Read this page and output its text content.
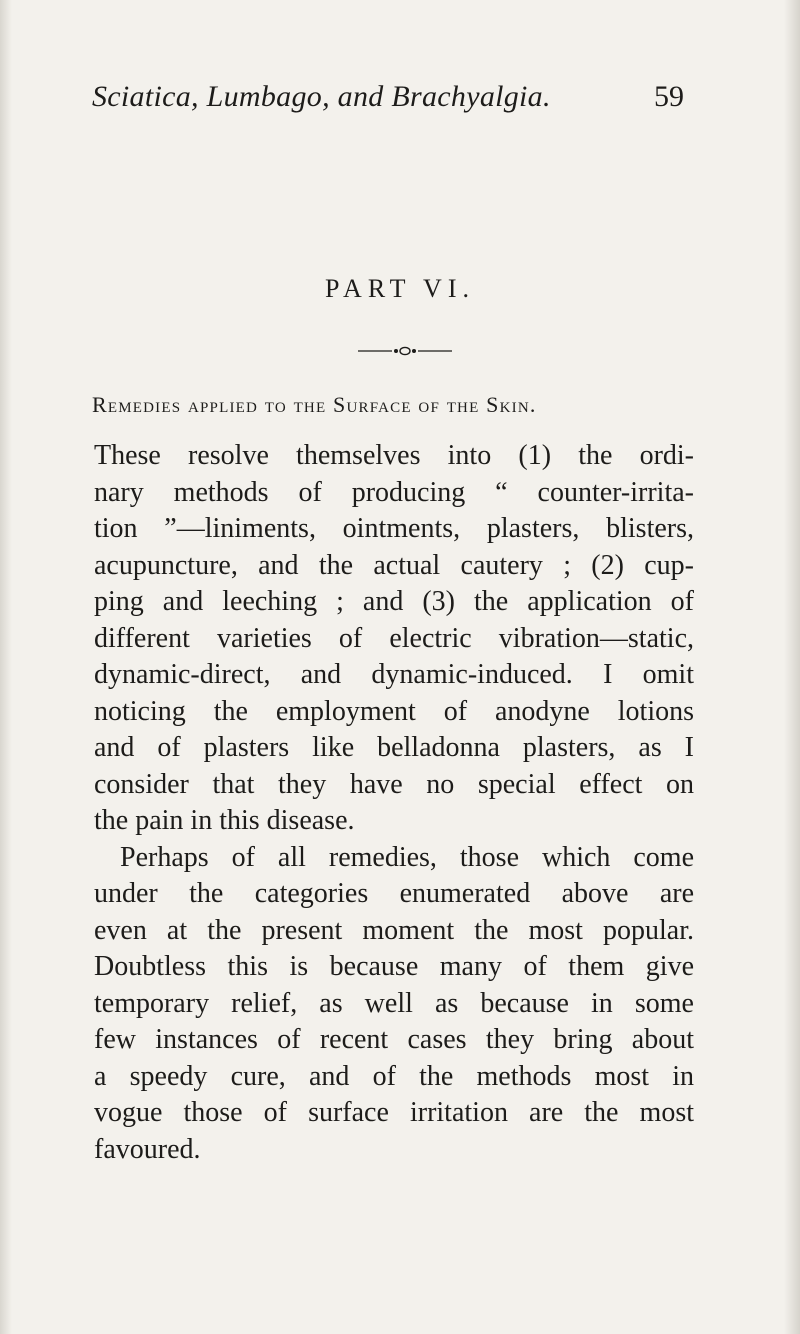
Sciatica, Lumbago, and Brachyalgia.	59
PART VI.
Remedies applied to the Surface of the Skin.
These resolve themselves into (1) the ordi-
nary methods of producing “ counter-irrita-
tion ”—liniments, ointments, plasters, blisters,
acupuncture, and the actual cautery ; (2) cup-
ping and leeching ; and (3) the application of
different varieties of electric vibration—static,
dynamic-direct, and dynamic-induced. I omit
noticing the employment of anodyne lotions
and of plasters like belladonna plasters, as I
consider that they have no special effect on
the pain in this disease.
Perhaps of all remedies, those which come
under the categories enumerated above are
even at the present moment the most popular.
Doubtless this is because many of them give
temporary relief, as well as because in some
few instances of recent cases they bring about
a speedy cure, and of the methods most in
vogue those of surface irritation are the most
favoured.
